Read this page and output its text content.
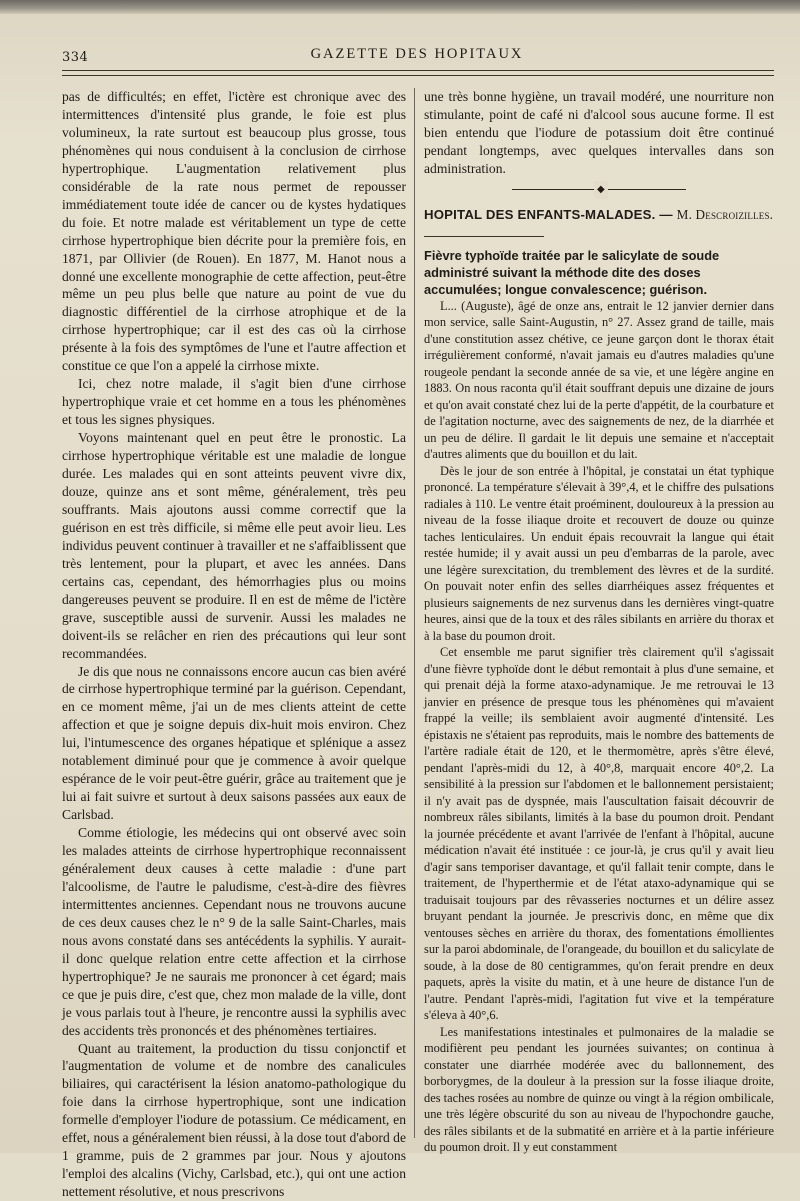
334	GAZETTE DES HOPITAUX

pas de difficultés; en effet, l'ictère est chronique avec des intermittences d'intensité plus grande, le foie est plus volumineux, la rate surtout est beaucoup plus grosse, tous phénomènes qui nous conduisent à la conclusion de cirrhose hypertrophique. L'augmentation relativement plus considérable de la rate nous permet de repousser immédiatement toute idée de cancer ou de kystes hydatiques du foie. Et notre malade est véritablement un type de cette cirrhose hypertrophique bien décrite pour la première fois, en 1871, par Ollivier (de Rouen). En 1877, M. Hanot nous a donné une excellente monographie de cette affection, peut-être même un peu plus belle que nature au point de vue du diagnostic différentiel de la cirrhose atrophique et de la cirrhose hypertrophique; car il est des cas où la cirrhose présente à la fois des symptômes de l'une et l'autre affection et constitue ce que l'on a appelé la cirrhose mixte.

Ici, chez notre malade, il s'agit bien d'une cirrhose hypertrophique vraie et cet homme en a tous les phénomènes et tous les signes physiques.

Voyons maintenant quel en peut être le pronostic. La cirrhose hypertrophique véritable est une maladie de longue durée. Les malades qui en sont atteints peuvent vivre dix, douze, quinze ans et sont même, généralement, très peu souffrants. Mais ajoutons aussi comme correctif que la guérison en est très difficile, si même elle peut avoir lieu. Les individus peuvent continuer à travailler et ne s'affaiblissent que très lentement, pour la plupart, et avec les années. Dans certains cas, cependant, des hémorrhagies plus ou moins dangereuses peuvent se produire. Il en est de même de l'ictère grave, susceptible aussi de survenir. Aussi les malades ne doivent-ils se relâcher en rien des précautions qui leur sont recommandées.

Je dis que nous ne connaissons encore aucun cas bien avéré de cirrhose hypertrophique terminé par la guérison. Cependant, en ce moment même, j'ai un de mes clients atteint de cette affection et que je soigne depuis dix-huit mois environ. Chez lui, l'intumescence des organes hépatique et splénique a assez notablement diminué pour que je commence à avoir quelque espérance de le voir peut-être guérir, grâce au traitement que je lui ai fait suivre et surtout à deux saisons passées aux eaux de Carlsbad.

Comme étiologie, les médecins qui ont observé avec soin les malades atteints de cirrhose hypertrophique reconnaissent généralement deux causes à cette maladie : d'une part l'alcoolisme, de l'autre le paludisme, c'est-à-dire des fièvres intermittentes anciennes. Cependant nous ne trouvons aucune de ces deux causes chez le n° 9 de la salle Saint-Charles, mais nous avons constaté dans ses antécédents la syphilis. Y aurait-il donc quelque relation entre cette affection et la cirrhose hypertrophique? Je ne saurais me prononcer à cet égard; mais ce que je puis dire, c'est que, chez mon malade de la ville, dont je vous parlais tout à l'heure, je rencontre aussi la syphilis avec des accidents très prononcés et des phénomènes tertiaires.

Quant au traitement, la production du tissu conjonctif et l'augmentation de volume et de nombre des canalicules biliaires, qui caractérisent la lésion anatomo-pathologique du foie dans la cirrhose hypertrophique, sont une indication formelle d'employer l'iodure de potassium. Ce médicament, en effet, nous a généralement bien réussi, à la dose tout d'abord de 1 gramme, puis de 2 grammes par jour. Nous y ajoutons l'emploi des alcalins (Vichy, Carlsbad, etc.), qui ont une action nettement résolutive, et nous prescrivons

une très bonne hygiène, un travail modéré, une nourriture non stimulante, point de café ni d'alcool sous aucune forme. Il est bien entendu que l'iodure de potassium doit être continué pendant longtemps, avec quelques intervalles dans son administration.

◆
HOPITAL DES ENFANTS-MALADES. — M. Descroizilles.

Fièvre typhoïde traitée par le salicylate de soude administré suivant la méthode dite des doses accumulées; longue convalescence; guérison.

L... (Auguste), âgé de onze ans, entrait le 12 janvier dernier dans mon service, salle Saint-Augustin, n° 27. Assez grand de taille, mais d'une constitution assez chétive, ce jeune garçon dont le thorax était irrégulièrement conformé, n'avait jamais eu d'autres maladies qu'une rougeole pendant la seconde année de sa vie, et une légère angine en 1883. On nous raconta qu'il était souffrant depuis une dizaine de jours et qu'on avait constaté chez lui de la perte d'appétit, de la courbature et de l'agitation nocturne, avec des saignements de nez, de la diarrhée et un peu de délire. Il gardait le lit depuis une semaine et n'acceptait d'autres aliments que du bouillon et du lait.

Dès le jour de son entrée à l'hôpital, je constatai un état typhique prononcé. La température s'élevait à 39°,4, et le chiffre des pulsations radiales à 110. Le ventre était proéminent, douloureux à la pression au niveau de la fosse iliaque droite et recouvert de douze ou quinze taches lenticulaires. Un enduit épais recouvrait la langue qui était restée humide; il y avait aussi un peu d'embarras de la parole, avec une légère surexcitation, du tremblement des lèvres et de la surdité. On pouvait noter enfin des selles diarrhéiques assez fréquentes et plusieurs saignements de nez survenus dans les dernières vingt-quatre heures, ainsi que de la toux et des râles sibilants en arrière du thorax et à la base du poumon droit.

Cet ensemble me parut signifier très clairement qu'il s'agissait d'une fièvre typhoïde dont le début remontait à plus d'une semaine, et qui prenait déjà la forme ataxo-adynamique. Je me retrouvai le 13 janvier en présence de presque tous les phénomènes qui m'avaient frappé la veille; ils semblaient avoir augmenté d'intensité. Les épistaxis ne s'étaient pas reproduits, mais le nombre des battements de l'artère radiale était de 120, et le thermomètre, après s'être élevé, pendant l'après-midi du 12, à 40°,8, marquait encore 40°,2. La sensibilité à la pression sur l'abdomen et le ballonnement persistaient; il n'y avait pas de dyspnée, mais l'auscultation faisait découvrir de nombreux râles sibilants, limités à la base du poumon droit. Pendant la journée précédente et avant l'arrivée de l'enfant à l'hôpital, aucune médication n'avait été instituée : ce jour-là, je crus qu'il y avait lieu d'agir sans temporiser davantage, et qu'il fallait tenir compte, dans le traitement, de l'hyperthermie et de l'état ataxo-adynamique qui se traduisait toujours par des rêvasseries nocturnes et un délire assez bruyant pendant la journée. Je prescrivis donc, en même que dix ventouses sèches en arrière du thorax, des fomentations émollientes sur la paroi abdominale, de l'orangeade, du bouillon et du salicylate de soude, à la dose de 80 centigrammes, qu'on ferait prendre en deux paquets, après la visite du matin, et à une heure de distance l'un de l'autre. Pendant l'après-midi, l'agitation fut vive et la température s'éleva à 40°,6.

Les manifestations intestinales et pulmonaires de la maladie se modifièrent peu pendant les journées suivantes; on continua à constater une diarrhée modérée avec du ballonnement, des borborygmes, de la douleur à la pression sur la fosse iliaque droite, des taches rosées au nombre de quinze ou vingt à la région ombilicale, une très légère obscurité du son au niveau de l'hypochondre gauche, des râles sibilants et de la submatité en arrière et à la partie inférieure du poumon droit. Il y eut constamment
